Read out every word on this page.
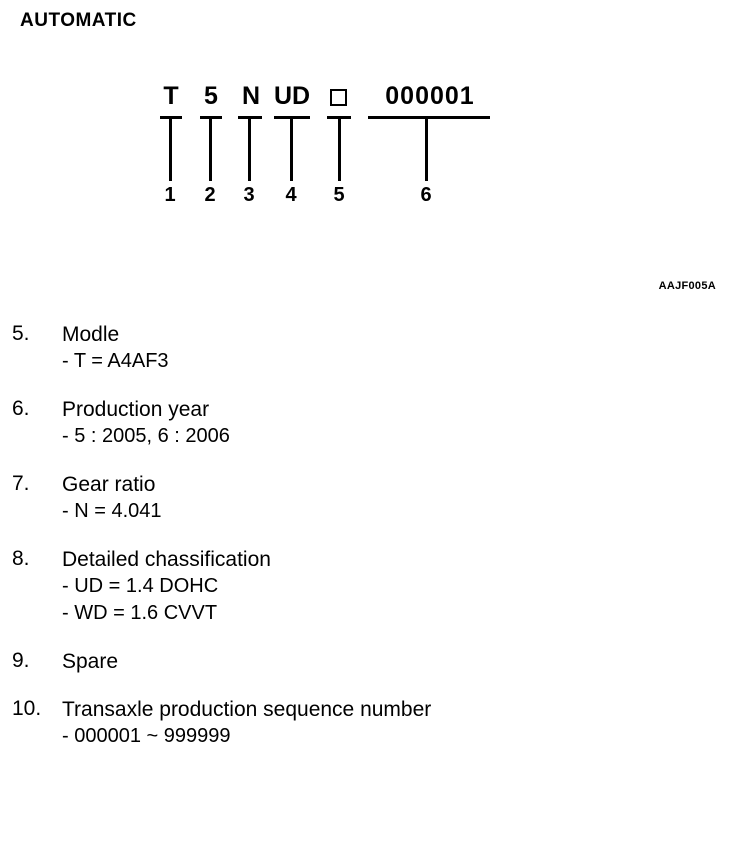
AUTOMATIC
T 5 N UD	000001
1 2 3 4 5	6
AAJF005A
5.	Modle
- T = A4AF3
6.	Production year
- 5 : 2005, 6 : 2006
7.	Gear ratio
- N = 4.041
8.	Detailed chassification
- UD = 1.4 DOHC
- WD = 1.6 CVVT
9.	Spare
10. Transaxle production sequence number
- 000001 ~ 999999
